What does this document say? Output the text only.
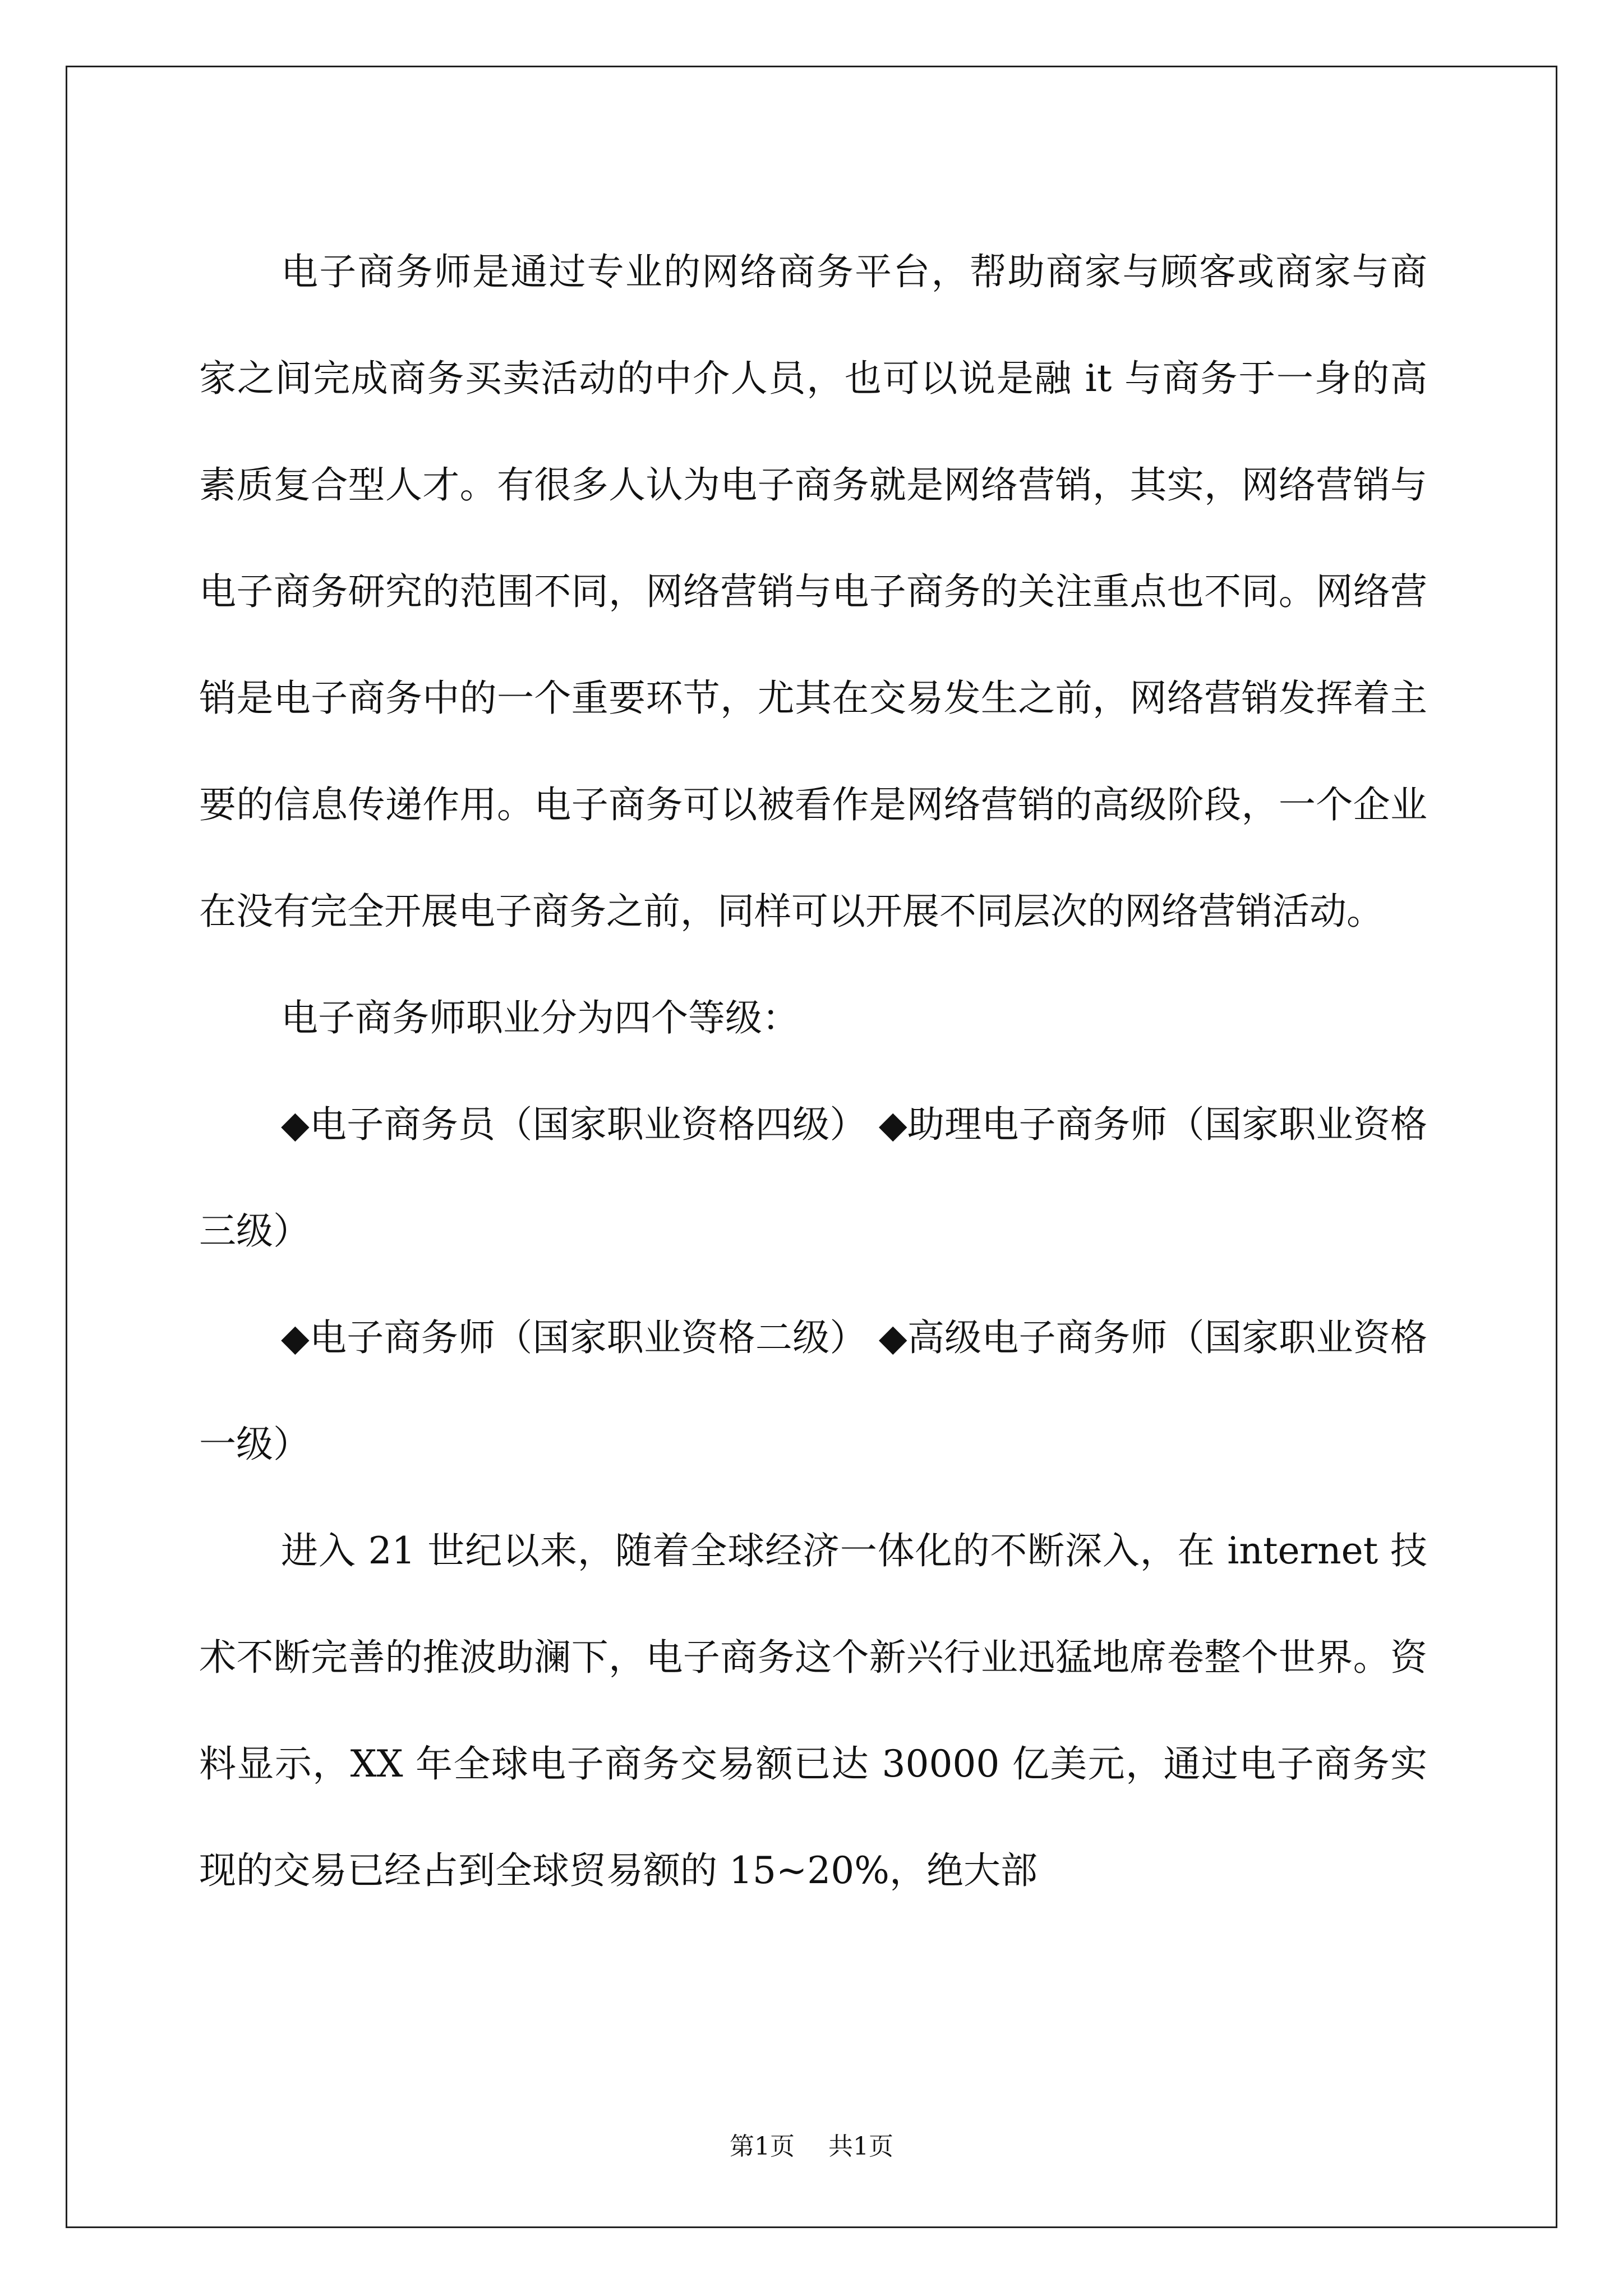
电子商务师是通过专业的网络商务平台，帮助商家与顾客或商家与商家之间完成商务买卖活动的中介人员，也可以说是融 it 与商务于一身的高素质复合型人才。有很多人认为电子商务就是网络营销，其实，网络营销与电子商务研究的范围不同，网络营销与电子商务的关注重点也不同。网络营销是电子商务中的一个重要环节，尤其在交易发生之前，网络营销发挥着主要的信息传递作用。电子商务可以被看作是网络营销的高级阶段，一个企业在没有完全开展电子商务之前，同样可以开展不同层次的网络营销活动。

电子商务师职业分为四个等级：

◆电子商务员（国家职业资格四级） ◆助理电子商务师（国家职业资格三级）

◆电子商务师（国家职业资格二级） ◆高级电子商务师（国家职业资格一级）

进入 21 世纪以来，随着全球经济一体化的不断深入，在 internet 技术不断完善的推波助澜下，电子商务这个新兴行业迅猛地席卷整个世界。资料显示，XX 年全球电子商务交易额已达 30000 亿美元，通过电子商务实现的交易已经占到全球贸易额的 15~20%，绝大部

第1页 共1页
